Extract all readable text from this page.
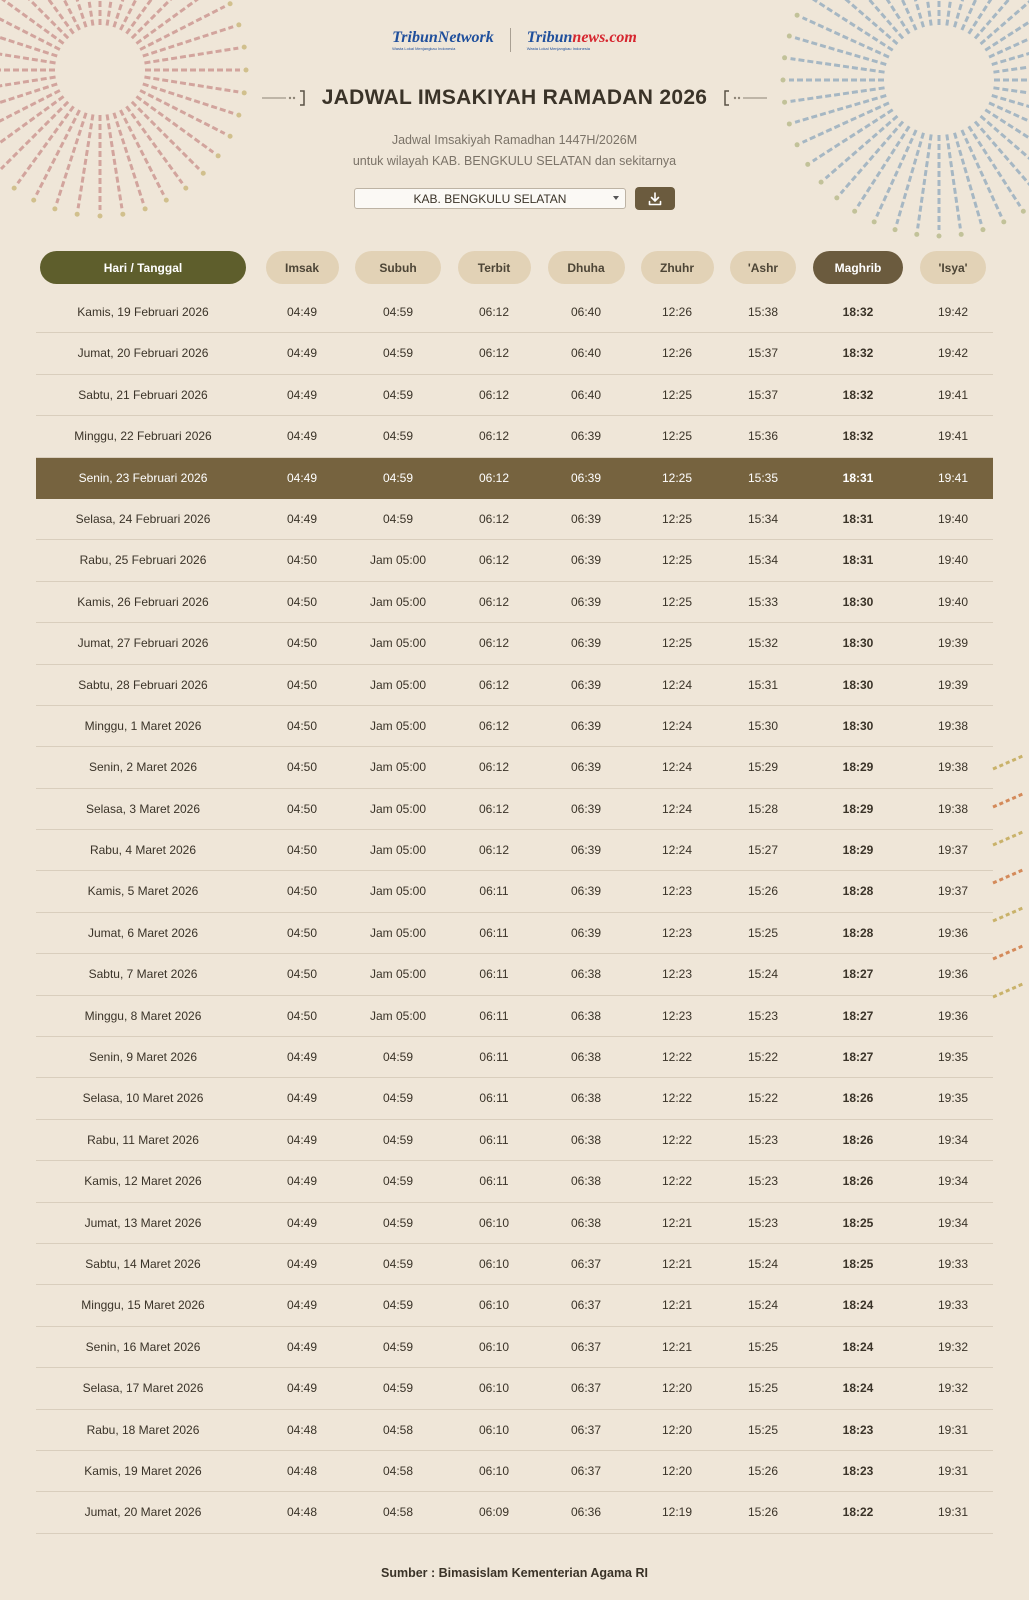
TribunNetwork
Wasta Lokal Menjangkau Indonesia
Tribunnews.com
Wasta Lokal Menjangkau Indonesia
JADWAL IMSAKIYAH RAMADAN 2026
Jadwal Imsakiyah Ramadhan 1447H/2026M
untuk wilayah KAB. BENGKULU SELATAN dan sekitarnya
KAB. BENGKULU SELATAN
Hari / Tanggal	Imsak	Subuh	Terbit	Dhuha	Zhuhr	'Ashr	Maghrib	'Isya'
Kamis, 19 Februari 2026	04:49	04:59	06:12	06:40	12:26	15:38	18:32	19:42
Jumat, 20 Februari 2026	04:49	04:59	06:12	06:40	12:26	15:37	18:32	19:42
Sabtu, 21 Februari 2026	04:49	04:59	06:12	06:40	12:25	15:37	18:32	19:41
Minggu, 22 Februari 2026	04:49	04:59	06:12	06:39	12:25	15:36	18:32	19:41
Senin, 23 Februari 2026	04:49	04:59	06:12	06:39	12:25	15:35	18:31	19:41
Selasa, 24 Februari 2026	04:49	04:59	06:12	06:39	12:25	15:34	18:31	19:40
Rabu, 25 Februari 2026	04:50	Jam 05:00	06:12	06:39	12:25	15:34	18:31	19:40
Kamis, 26 Februari 2026	04:50	Jam 05:00	06:12	06:39	12:25	15:33	18:30	19:40
Jumat, 27 Februari 2026	04:50	Jam 05:00	06:12	06:39	12:25	15:32	18:30	19:39
Sabtu, 28 Februari 2026	04:50	Jam 05:00	06:12	06:39	12:24	15:31	18:30	19:39
Minggu, 1 Maret 2026	04:50	Jam 05:00	06:12	06:39	12:24	15:30	18:30	19:38
Senin, 2 Maret 2026	04:50	Jam 05:00	06:12	06:39	12:24	15:29	18:29	19:38
Selasa, 3 Maret 2026	04:50	Jam 05:00	06:12	06:39	12:24	15:28	18:29	19:38
Rabu, 4 Maret 2026	04:50	Jam 05:00	06:12	06:39	12:24	15:27	18:29	19:37
Kamis, 5 Maret 2026	04:50	Jam 05:00	06:11	06:39	12:23	15:26	18:28	19:37
Jumat, 6 Maret 2026	04:50	Jam 05:00	06:11	06:39	12:23	15:25	18:28	19:36
Sabtu, 7 Maret 2026	04:50	Jam 05:00	06:11	06:38	12:23	15:24	18:27	19:36
Minggu, 8 Maret 2026	04:50	Jam 05:00	06:11	06:38	12:23	15:23	18:27	19:36
Senin, 9 Maret 2026	04:49	04:59	06:11	06:38	12:22	15:22	18:27	19:35
Selasa, 10 Maret 2026	04:49	04:59	06:11	06:38	12:22	15:22	18:26	19:35
Rabu, 11 Maret 2026	04:49	04:59	06:11	06:38	12:22	15:23	18:26	19:34
Kamis, 12 Maret 2026	04:49	04:59	06:11	06:38	12:22	15:23	18:26	19:34
Jumat, 13 Maret 2026	04:49	04:59	06:10	06:38	12:21	15:23	18:25	19:34
Sabtu, 14 Maret 2026	04:49	04:59	06:10	06:37	12:21	15:24	18:25	19:33
Minggu, 15 Maret 2026	04:49	04:59	06:10	06:37	12:21	15:24	18:24	19:33
Senin, 16 Maret 2026	04:49	04:59	06:10	06:37	12:21	15:25	18:24	19:32
Selasa, 17 Maret 2026	04:49	04:59	06:10	06:37	12:20	15:25	18:24	19:32
Rabu, 18 Maret 2026	04:48	04:58	06:10	06:37	12:20	15:25	18:23	19:31
Kamis, 19 Maret 2026	04:48	04:58	06:10	06:37	12:20	15:26	18:23	19:31
Jumat, 20 Maret 2026	04:48	04:58	06:09	06:36	12:19	15:26	18:22	19:31
Sumber : Bimasislam Kementerian Agama RI
